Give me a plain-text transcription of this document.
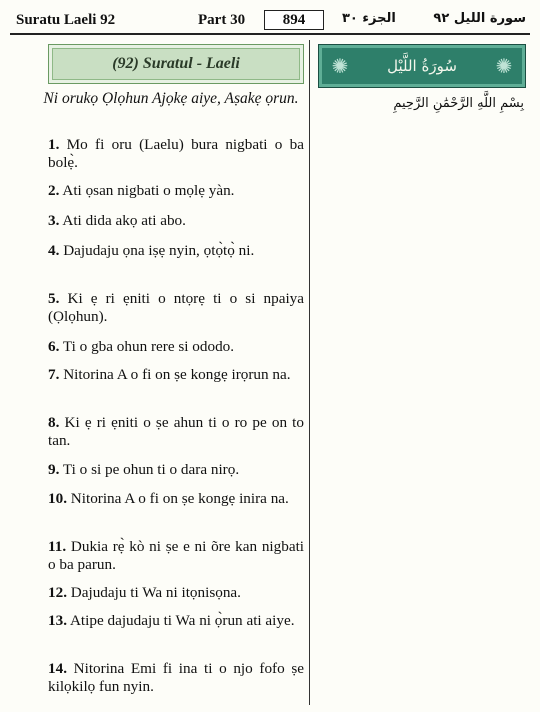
Suratu Laeli 92	Part 30	894	الجزء ٣٠	سورة الليل ٩٢
(92) Suratul - Laeli	✺	سُورَةُ اللَّيْل	✺
Ni orukọ Ọlọhun Ajọkẹ aiye, Aṣakẹ ọrun.	بِسْمِ اللَّهِ الرَّحْمَٰنِ الرَّحِيمِ
1. Mo fi oru (Laelu) bura nigbati o ba bolẹ̀.
2. Ati ọsan nigbati o mọlẹ yàn.
3. Ati dida akọ ati abo.
4. Dajudaju ọna iṣẹ nyin, ọtọ̀tọ̀ ni.
5. Ki ẹ ri ẹniti o ntọrẹ ti o si npaiya (Ọlọhun).
6. Ti o gba ohun rere si ododo.
7. Nitorina A o fi on ṣe kongẹ irọrun na.
8. Ki ẹ ri ẹniti o ṣe ahun ti o ro pe on to tan.
9. Ti o si pe ohun ti o dara nirọ.
10. Nitorina A o fi on ṣe kongẹ inira na.
11. Dukia rẹ̀ kò ni ṣe e ni õre kan nigbati o ba parun.
12. Dajudaju ti Wa ni itọnisọna.
13. Atipe dajudaju ti Wa ni ọ̀run ati aiye.
14. Nitorina Emi fi ina ti o njo fofo ṣe kilọkilọ fun nyin.
